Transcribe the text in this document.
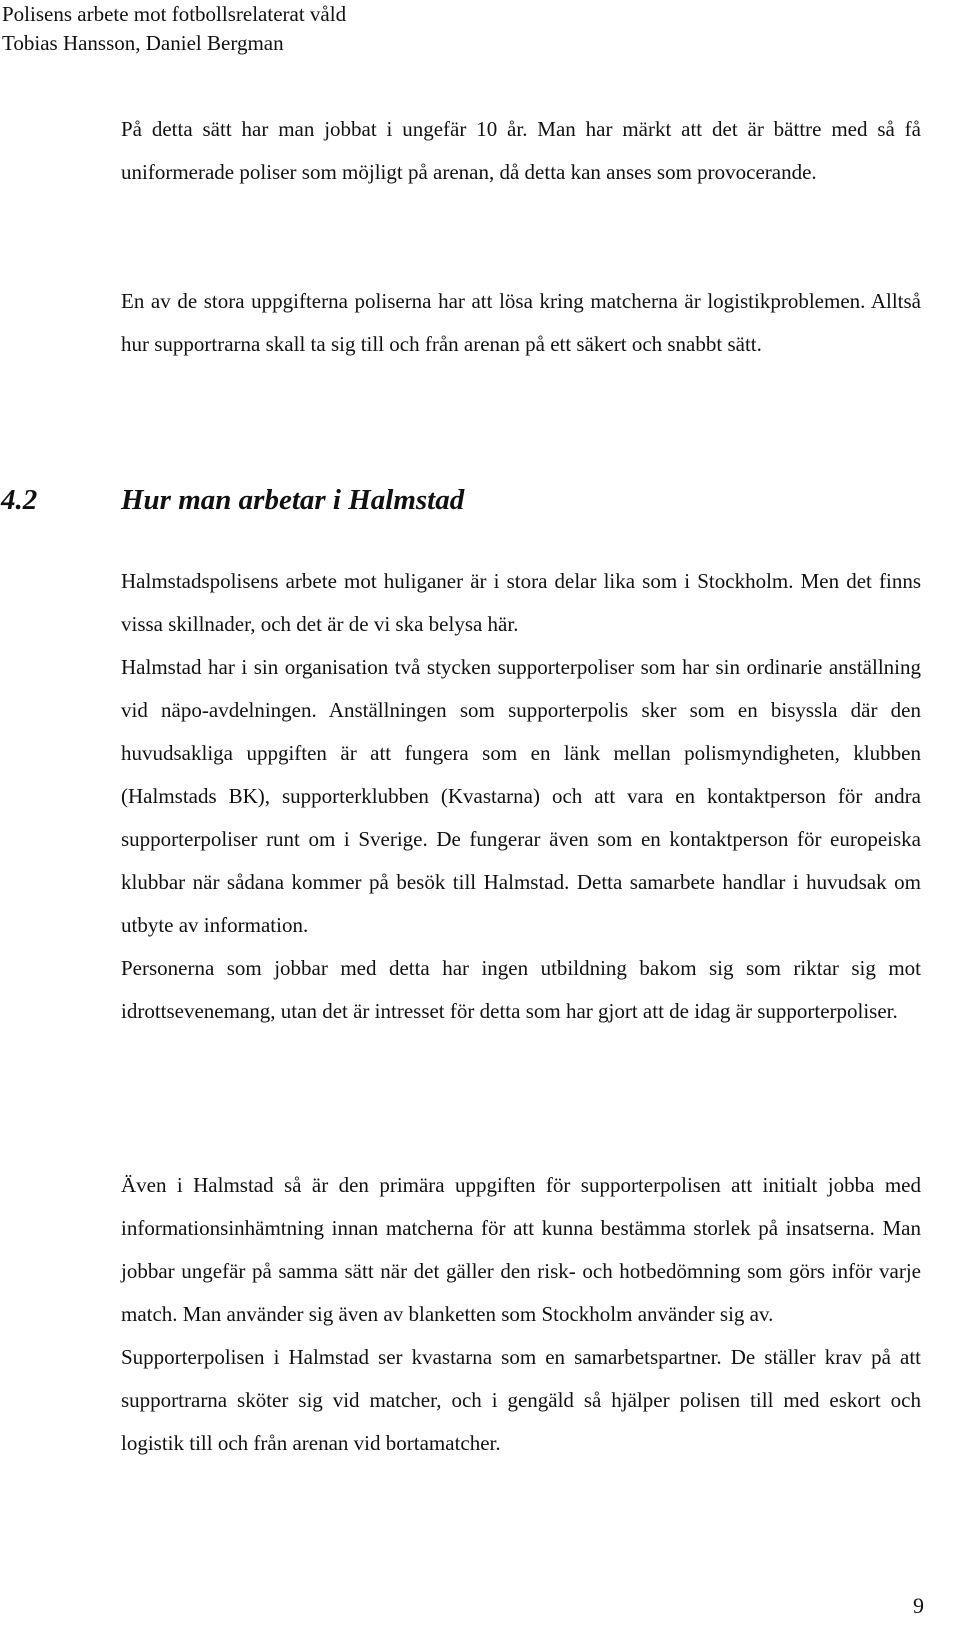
Polisens arbete mot fotbollsrelaterat våld
Tobias Hansson, Daniel Bergman

På detta sätt har man jobbat i ungefär 10 år. Man har märkt att det är bättre med så få uniformerade poliser som möjligt på arenan, då detta kan anses som provocerande.

En av de stora uppgifterna poliserna har att lösa kring matcherna är logistikproblemen. Alltså hur supportrarna skall ta sig till och från arenan på ett säkert och snabbt sätt.

4.2
	Hur man arbetar i Halmstad

Halmstadspolisens arbete mot huliganer är i stora delar lika som i Stockholm. Men det finns vissa skillnader, och det är de vi ska belysa här.

Halmstad har i sin organisation två stycken supporterpoliser som har sin ordinarie anställning vid näpo-avdelningen. Anställningen som supporterpolis sker som en bisyssla där den huvudsakliga uppgiften är att fungera som en länk mellan polismyndigheten, klubben (Halmstads BK), supporterklubben (Kvastarna) och att vara en kontaktperson för andra supporterpoliser runt om i Sverige. De fungerar även som en kontaktperson för europeiska klubbar när sådana kommer på besök till Halmstad. Detta samarbete handlar i huvudsak om utbyte av information.

Personerna som jobbar med detta har ingen utbildning bakom sig som riktar sig mot idrottsevenemang, utan det är intresset för detta som har gjort att de idag är supporterpoliser.

Även i Halmstad så är den primära uppgiften för supporterpolisen att initialt jobba med informationsinhämtning innan matcherna för att kunna bestämma storlek på insatserna. Man jobbar ungefär på samma sätt när det gäller den risk- och hotbedömning som görs inför varje match. Man använder sig även av blanketten som Stockholm använder sig av.

Supporterpolisen i Halmstad ser kvastarna som en samarbetspartner. De ställer krav på att supportrarna sköter sig vid matcher, och i gengäld så hjälper polisen till med eskort och logistik till och från arenan vid bortamatcher.

9
